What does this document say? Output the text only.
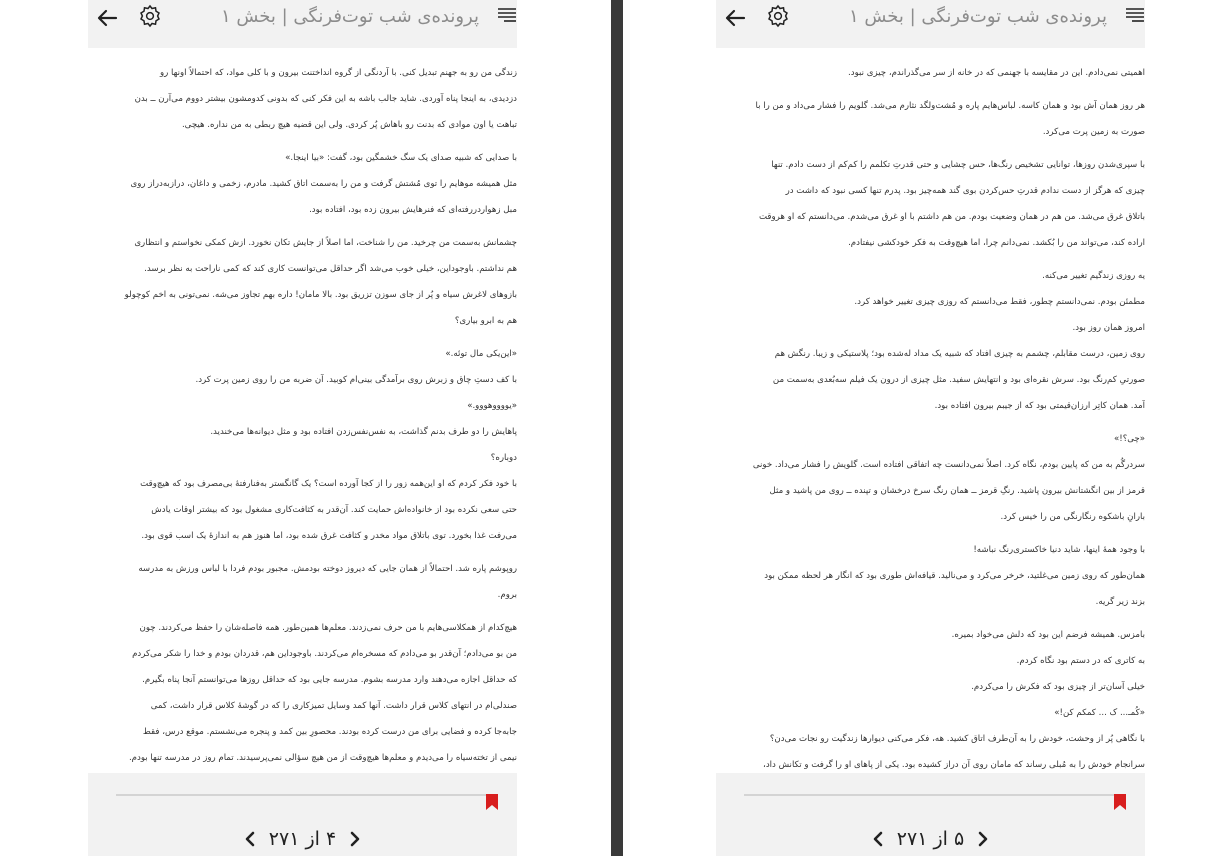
پرونده‌ی شب توت‌فرنگی | بخش ۱

زندگی من رو به جهنم تبدیل کنی. با آردنگی از گروه انداختنت بیرون و با کلی مواد، که احتمالاً اونها رو

دزدیدی، به اینجا پناه آوردی. شاید جالب باشه به این فکر کنی که بدونی کدومشون بیشتر دووم می‌آرن ــ بدن

تباهت یا اون موادی که بدنت رو باهاش پُر کردی. ولی این قضیه هیچ ربطی به من نداره. هیچی.

با صدایی که شبیه صدای یک سگ خشمگین بود، گفت: «بیا اینجا.»

مثل همیشه موهایم را توی مُشتش گرفت و من را به‌سمت اتاق کشید. مادرم، زخمی و داغان، درازبه‌دراز روی

مبل زهواردررفته‌ای که فنرهایش بیرون زده بود، افتاده بود.

چشمانش به‌سمت من چرخید. من را شناخت، اما اصلاً از جایش تکان نخورد. ازش کمکی نخواستم و انتظاری

هم نداشتم. باوجوداین، خیلی خوب می‌شد اگر حداقل می‌توانست کاری کند که کمی ناراحت به نظر برسد.

بازوهای لاغرش سیاه و پُر از جای سوزن تزریق بود. بالا مامان! داره بهم تجاوز می‌شه. نمی‌تونی به اخم کوچولو

هم به ابرو بیاری؟

«این‌یکی مال توئه.»

با کف دستِ چاق و زبرش روی برآمدگی بینی‌ام کوبید. آن ضربه من را روی زمین پرت کرد.

«یووووهووو.»

پاهایش را دو طرف بدنم گذاشت، به نفس‌نفس‌زدن افتاده بود و مثل دیوانه‌ها می‌خندید.

دوباره؟

با خود فکر کردم که او این‌همه زور را از کجا آورده است؟ یک گانگستر به‌فنارفته‌ٔ بی‌مصرف بود که هیچ‌وقت

حتی سعی نکرده بود از خانواده‌اش حمایت کند. آن‌قدر به کثافت‌کاری مشغول بود که بیشتر اوقات یادش

می‌رفت غذا بخورد. توی باتلاق مواد مخدر و کثافت غرق شده بود، اما هنوز هم به اندازهٔ یک اسب قوی بود.

روپوشم پاره شد. احتمالاً از همان جایی که دیروز دوخته بودمش. مجبور بودم فردا با لباس ورزش به مدرسه

بروم.

هیچ‌کدام از همکلاسی‌هایم با من حرف نمی‌زدند. معلم‌ها همین‌طور. همه فاصله‌شان را حفظ می‌کردند. چون

من بو می‌دادم؛ آن‌قدر بو می‌دادم که مسخره‌ام می‌کردند. باوجوداین هم، قدردان بودم و خدا را شکر می‌کردم

که حداقل اجازه می‌دهند وارد مدرسه بشوم. مدرسه جایی بود که حداقل روزها می‌توانستم آنجا پناه بگیرم.

صندلی‌ام در انتهای کلاس قرار داشت. آنها کمد وسایل تمیزکاری را که در گوشهٔ کلاس قرار داشت، کمی

جابه‌جا کرده و فضایی برای من درست کرده بودند. محصورِ بین کمد و پنجره می‌نشستم. موقع درس، فقط

نیمی از تخته‌سیاه را می‌دیدم و معلم‌ها هیچ‌وقت از من هیچ سؤالی نمی‌پرسیدند. تمام روز در مدرسه تنها بودم.

۴ از ۲۷۱
پرونده‌ی شب توت‌فرنگی | بخش ۱

اهمیتی نمی‌دادم. این در مقایسه با جهنمی که در خانه از سر می‌گذراندم، چیزی نبود.

هر روز همان آش بود و همان کاسه. لباس‌هایم پاره و مُشت‌ولگد نثارم می‌شد. گلویم را فشار می‌داد و من را با

صورت به زمین پرت می‌کرد.

با سپری‌شدن روزها، توانایی تشخیص رنگ‌ها، حس چشایی و حتی قدرتِ تکلمم را کم‌کم از دست دادم. تنها

چیزی که هرگز از دست ندادم قدرتِ حس‌کردن بوی گند همه‌چیز بود. پدرم تنها کسی نبود که داشت در

باتلاق غرق می‌شد. من هم در همان وضعیت بودم. من هم داشتم با او غرق می‌شدم. می‌دانستم که او هروقت

اراده کند، می‌تواند من را بُکشد. نمی‌دانم چرا، اما هیچ‌وقت به فکر خودکشی نیفتادم.

یه روزی زندگیم تغییر می‌کنه.

مطمئن بودم. نمی‌دانستم چطور، فقط می‌دانستم که روزی چیزی تغییر خواهد کرد.

امروز همان روز بود.

روی زمین، درست مقابلم، چشمم به چیزی افتاد که شبیه یک مداد له‌شده بود؛ پلاستیکی و زیبا. رنگش هم

صورتیِ کم‌رنگ بود. سرش نقره‌ای بود و انتهایش سفید. مثل چیزی از درون یک فیلم سه‌بُعدی به‌سمت من

آمد. همان کاتِر ارزان‌قیمتی بود که از جیبم بیرون افتاده بود.

«چی؟!»

سردرگُم به من که پایین بودم، نگاه کرد. اصلاً نمی‌دانست چه اتفاقی افتاده است. گلویش را فشار می‌داد. خونی

قرمز از بین انگشتانش بیرون پاشید. رنگِ قرمز ــ همان رنگ سرخ درخشان و تپنده ــ روی من پاشید و مثل

بارانِ باشکوه رنگارنگی من را خیس کرد.

با وجود همهٔ اینها، شاید دنیا خاکستری‌رنگ نباشه!

همان‌طور که روی زمین می‌غلتید، خرخر می‌کرد و می‌نالید. قیافه‌اش طوری بود که انگار هر لحظه ممکن بود

بزند زیر گریه.

بامزس. همیشه فرضم این بود که دلش می‌خواد بمیره.

به کاتری که در دستم بود نگاه کردم.

خیلی آسان‌تر از چیزی بود که فکرش را می‌کردم.

«کُمـ... ک ... کمکم کن!»

با نگاهی پُر از وحشت، خودش را به آن‌طرف اتاق کشید. هه، فکر می‌کنی دیوارها زندگیت رو نجات می‌دن؟

سرانجام خودش را به مُبلی رساند که مامان روی آن دراز کشیده بود. یکی از پاهای او را گرفت و تکانش داد،

۵ از ۲۷۱
